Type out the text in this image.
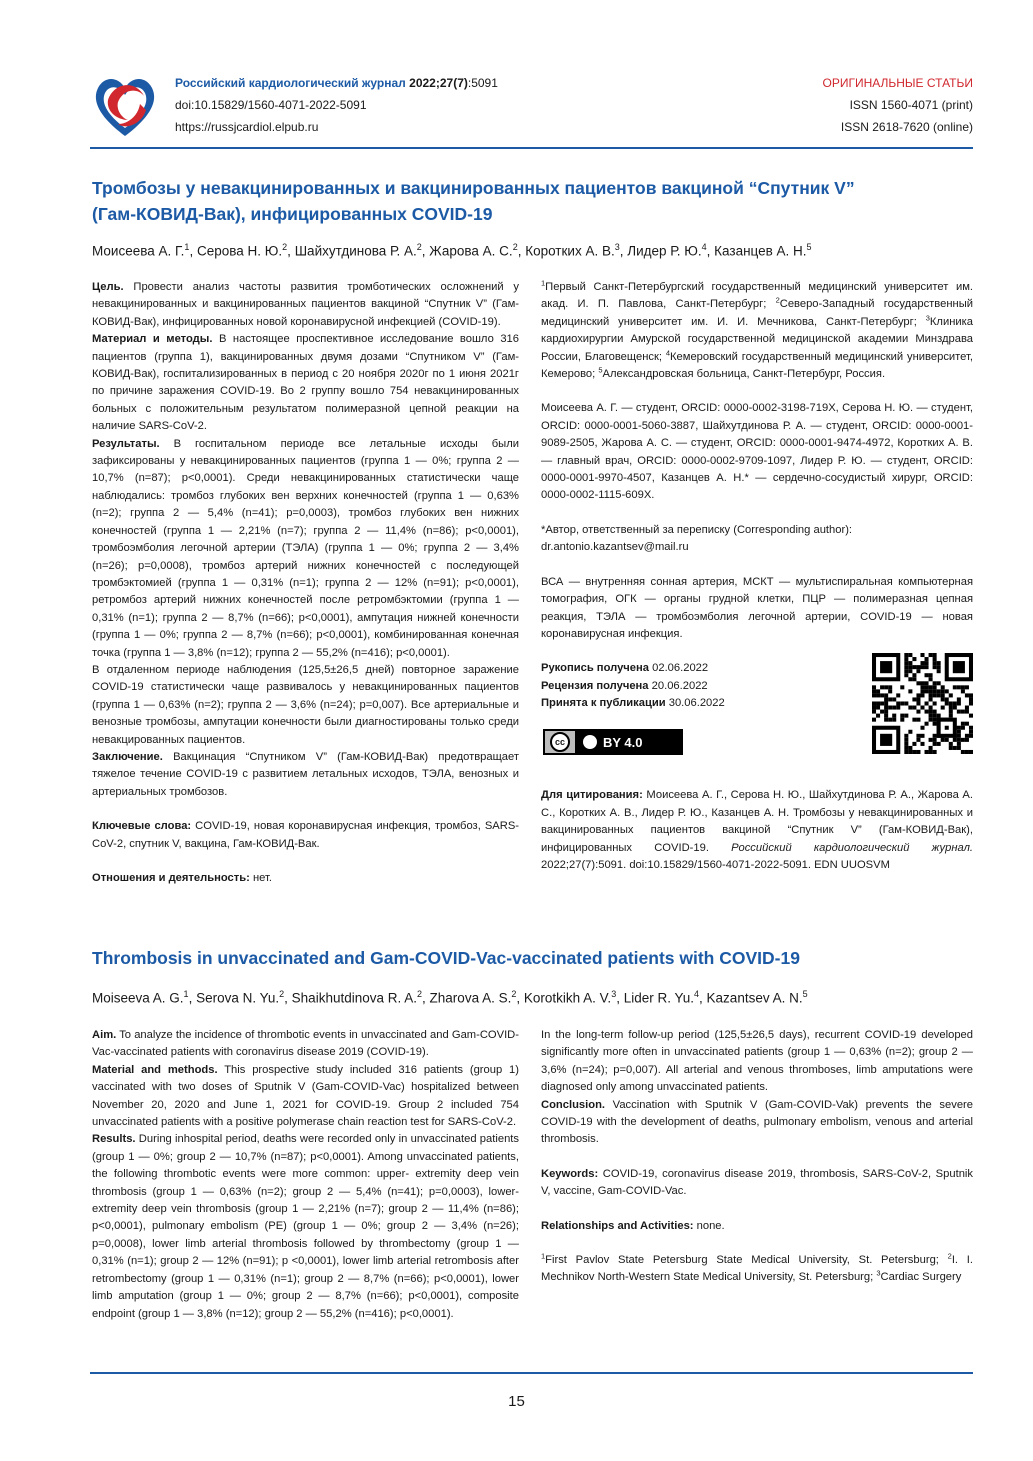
Российский кардиологический журнал 2022;27(7):5091
doi:10.15829/1560-4071-2022-5091
https://russjcardiol.elpub.ru
ОРИГИНАЛЬНЫЕ СТАТЬИ
ISSN 1560-4071 (print)
ISSN 2618-7620 (online)
Тромбозы у невакцинированных и вакцинированных пациентов вакциной “Спутник V”
(Гам-КОВИД-Вак), инфицированных COVID-19
Моисеева А. Г.$^1$, Серова Н. Ю.$^2$, Шайхутдинова Р. А.$^2$, Жарова А. С.$^2$, Коротких А. В.$^3$, Лидер Р. Ю.$^4$, Казанцев А. Н.$^5$

Цель. Провести анализ частоты развития тромботических осложнений у невакцинированных и вакцинированных пациентов вакциной “Спутник V” (Гам-КОВИД-Вак), инфицированных новой коронавирусной инфекцией (COVID-19).

Материал и методы. В настоящее проспективное исследование вошло 316 пациентов (группа 1), вакцинированных двумя дозами “Спутником V” (Гам-КОВИД-Вак), госпитализированных в период с 20 ноября 2020г по 1 июня 2021г по причине заражения COVID-19. Во 2 группу вошло 754 невакцинированных больных с положительным результатом полимеразной цепной реакции на наличие SARS-CoV-2.

Результаты. В госпитальном периоде все летальные исходы были зафиксированы у невакцинированных пациентов (группа 1 — 0%; группа 2 — 10,7% (n=87); p<0,0001). Среди невакцинированных статистически чаще наблюдались: тромбоз глубоких вен верхних конечностей (группа 1 — 0,63% (n=2); группа 2 — 5,4% (n=41); p=0,0003), тромбоз глубоких вен нижних конечностей (группа 1 — 2,21% (n=7); группа 2 — 11,4% (n=86); p<0,0001), тромбоэмболия легочной артерии (ТЭЛА) (группа 1 — 0%; группа 2 — 3,4% (n=26); p=0,0008), тромбоз артерий нижних конечностей с последующей тромбэктомией (группа 1 — 0,31% (n=1); группа 2 — 12% (n=91); p<0,0001), ретромбоз артерий нижних конечностей после ретромбэктомии (группа 1 — 0,31% (n=1); группа 2 — 8,7% (n=66); p<0,0001), ампутация нижней конечности (группа 1 — 0%; группа 2 — 8,7% (n=66); p<0,0001), комбинированная конечная точка (группа 1 — 3,8% (n=12); группа 2 — 55,2% (n=416); p<0,0001).

В отдаленном периоде наблюдения (125,5±26,5 дней) повторное заражение COVID-19 статистически чаще развивалось у невакцинированных пациентов (группа 1 — 0,63% (n=2); группа 2 — 3,6% (n=24); p=0,007). Все артериальные и венозные тромбозы, ампутации конечности были диагностированы только среди невакцированных пациентов.

Заключение. Вакцинация “Спутником V” (Гам-КОВИД-Вак) предотвращает тяжелое течение COVID-19 с развитием летальных исходов, ТЭЛА, венозных и артериальных тромбозов.

Ключевые слова: COVID-19, новая коронавирусная инфекция, тромбоз, SARS-CoV-2, спутник V, вакцина, Гам-КОВИД-Вак.

Отношения и деятельность: нет.

$^1$Первый Санкт-Петербургский государственный медицинский университет им. акад. И. П. Павлова, Санкт-Петербург; $^2$Северо-Западный государственный медицинский университет им. И. И. Мечникова, Санкт-Петербург; $^3$Клиника кардиохирургии Амурской государственной медицинской академии Минздрава России, Благовещенск; $^4$Кемеровский государственный медицинский университет, Кемерово; $^5$Александровская больница, Санкт-Петербург, Россия.

Моисеева А. Г. — студент, ORCID: 0000-0002-3198-719X, Серова Н. Ю. — студент, ORCID: 0000-0001-5060-3887, Шайхутдинова Р. А. — студент, ORCID: 0000-0001-9089-2505, Жарова А. С. — студент, ORCID: 0000-0001-9474-4972, Коротких А. В. — главный врач, ORCID: 0000-0002-9709-1097, Лидер Р. Ю. — студент, ORCID: 0000-0001-9970-4507, Казанцев А. Н.* — сердечно-сосудистый хирург, ORCID: 0000-0002-1115-609X.

*Автор, ответственный за переписку (Corresponding author): dr.antonio.kazantsev@mail.ru

ВСА — внутренняя сонная артерия, МСКТ — мультиспиральная компьютерная томография, ОГК — органы грудной клетки, ПЦР — полимеразная цепная реакция, ТЭЛА — тромбоэмболия легочной артерии, COVID-19 — новая коронавирусная инфекция.

Рукопись получена 02.06.2022

Рецензия получена 20.06.2022

Принята к публикации 30.06.2022

cc	BY 4.0

Для цитирования: Моисеева А. Г., Серова Н. Ю., Шайхутдинова Р. А., Жарова А. С., Коротких А. В., Лидер Р. Ю., Казанцев А. Н. Тромбозы у невакцинированных и вакцинированных пациентов вакциной “Спутник V” (Гам-КОВИД-Вак), инфицированных COVID-19. Российский кардиологический журнал. 2022;27(7):5091. doi:10.15829/1560-4071-2022-5091. EDN UUOSVM

Thrombosis in unvaccinated and Gam-COVID-Vac-vaccinated patients with COVID-19
Moiseeva A. G.$^1$, Serova N. Yu.$^2$, Shaikhutdinova R. A.$^2$, Zharova A. S.$^2$, Korotkikh A. V.$^3$, Lider R. Yu.$^4$, Kazantsev A. N.$^5$

Aim. To analyze the incidence of thrombotic events in unvaccinated and Gam-COVID-Vac-vaccinated patients with coronavirus disease 2019 (COVID-19).

Material and methods. This prospective study included 316 patients (group 1) vaccinated with two doses of Sputnik V (Gam-COVID-Vac) hospitalized between November 20, 2020 and June 1, 2021 for COVID-19. Group 2 included 754 unvaccinated patients with a positive polymerase chain reaction test for SARS-CoV-2.

Results. During inhospital period, deaths were recorded only in unvaccinated patients (group 1 — 0%; group 2 — 10,7% (n=87); p<0,0001). Among unvaccinated patients, the following thrombotic events were more common: upper- extremity deep vein thrombosis (group 1 — 0,63% (n=2); group 2 — 5,4% (n=41); p=0,0003), lower-extremity deep vein thrombosis (group 1 — 2,21% (n=7); group 2 — 11,4% (n=86); p<0,0001), pulmonary embolism (PE) (group 1 — 0%; group 2 — 3,4% (n=26); p=0,0008), lower limb arterial thrombosis followed by thrombectomy (group 1 — 0,31% (n=1); group 2 — 12% (n=91); p <0,0001), lower limb arterial retrombosis after retrombectomy (group 1 — 0,31% (n=1); group 2 — 8,7% (n=66); p<0,0001), lower limb amputation (group 1 — 0%; group 2 — 8,7% (n=66); p<0,0001), composite endpoint (group 1 — 3,8% (n=12); group 2 — 55,2% (n=416); p<0,0001).

In the long-term follow-up period (125,5±26,5 days), recurrent COVID-19 developed significantly more often in unvaccinated patients (group 1 — 0,63% (n=2); group 2 — 3,6% (n=24); p=0,007). All arterial and venous thromboses, limb amputations were diagnosed only among unvaccinated patients.

Conclusion. Vaccination with Sputnik V (Gam-COVID-Vak) prevents the severe COVID-19 with the development of deaths, pulmonary embolism, venous and arterial thrombosis.

Keywords: COVID-19, coronavirus disease 2019, thrombosis, SARS-CoV-2, Sputnik V, vaccine, Gam-COVID-Vac.

Relationships and Activities: none.

$^1$First Pavlov State Petersburg State Medical University, St. Petersburg; $^2$I. I. Mechnikov North-Western State Medical University, St. Petersburg; $^3$Cardiac Surgery

15
